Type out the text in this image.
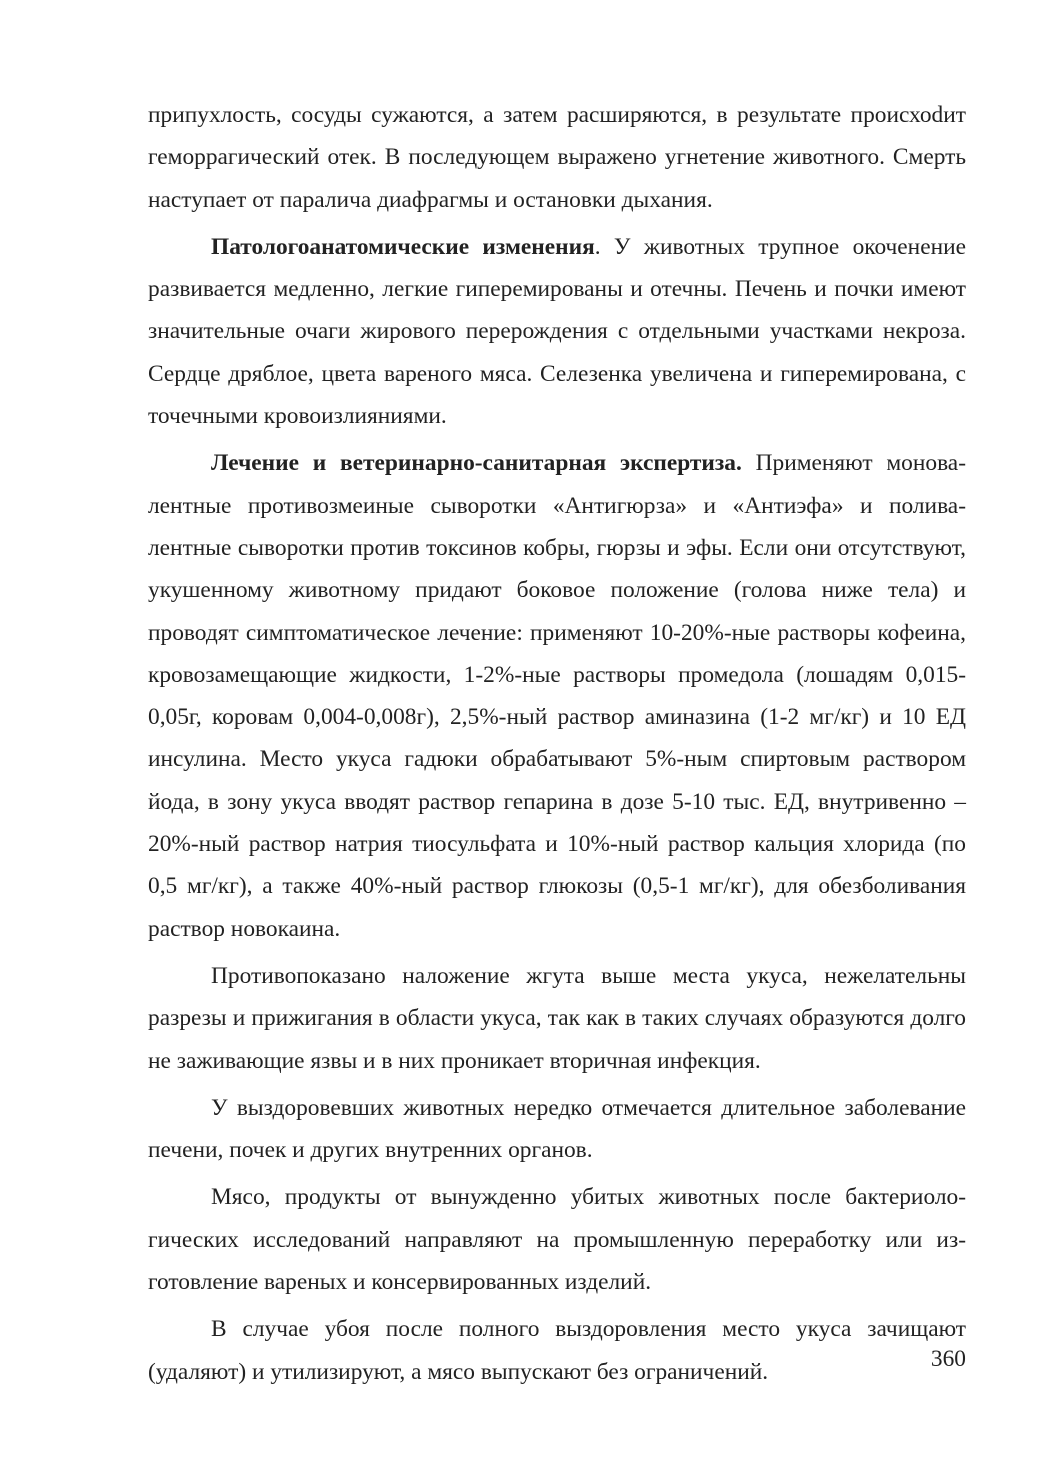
припухлость, сосуды сужаются, а затем расширяются, в результате происхоdит геморрагический отек. В последующем выражено угнетение животного. Смерть наступает от паралича диафрагмы и остановки дыхания.

Патологоанатомические изменения. У животных трупное окоченение развивается медленно, легкие гиперемированы и отечны. Печень и почки имеют значительные очаги жирового перерождения с отдельными участками некроза. Сердце дряблое, цвета вареного мяса. Селезенка увеличена и гиперемирована, с точечными кровоизлияниями.

Лечение и ветеринарно-санитарная экспертиза. Применяют моновалентные противозмеиные сыворотки «Антигюрза» и «Антиэфа» и поливалентные сыворотки против токсинов кобры, гюрзы и эфы. Если они отсутствуют, укушенному животному придают боковое положение (голова ниже тела) и проводят симптоматическое лечение: применяют 10-20%-ные растворы кофеина, кровозамещающие жидкости, 1-2%-ные растворы промедола (лошадям 0,015-0,05г, коровам 0,004-0,008г), 2,5%-ный раствор аминазина (1-2 мг/кг) и 10 ЕД инсулина. Место укуса гадюки обрабатывают 5%-ным спиртовым раствором йода, в зону укуса вводят раствор гепарина в дозе 5-10 тыс. ЕД, внутривенно – 20%-ный раствор натрия тиосульфата и 10%-ный раствор кальция хлорида (по 0,5 мг/кг), а также 40%-ный раствор глюкозы (0,5-1 мг/кг), для обезболивания раствор новокаина.

Противопоказано наложение жгута выше места укуса, нежелательны разрезы и прижигания в области укуса, так как в таких случаях образуются долго не заживающие язвы и в них проникает вторичная инфекция.

У выздоровевших животных нередко отмечается длительное заболевание печени, почек и других внутренних органов.

Мясо, продукты от вынужденно убитых животных после бактериологических исследований направляют на промышленную переработку или изготовление вареных и консервированных изделий.

В случае убоя после полного выздоровления место укуса зачищают (удаляют) и утилизируют, а мясо выпускают без ограничений.	360
